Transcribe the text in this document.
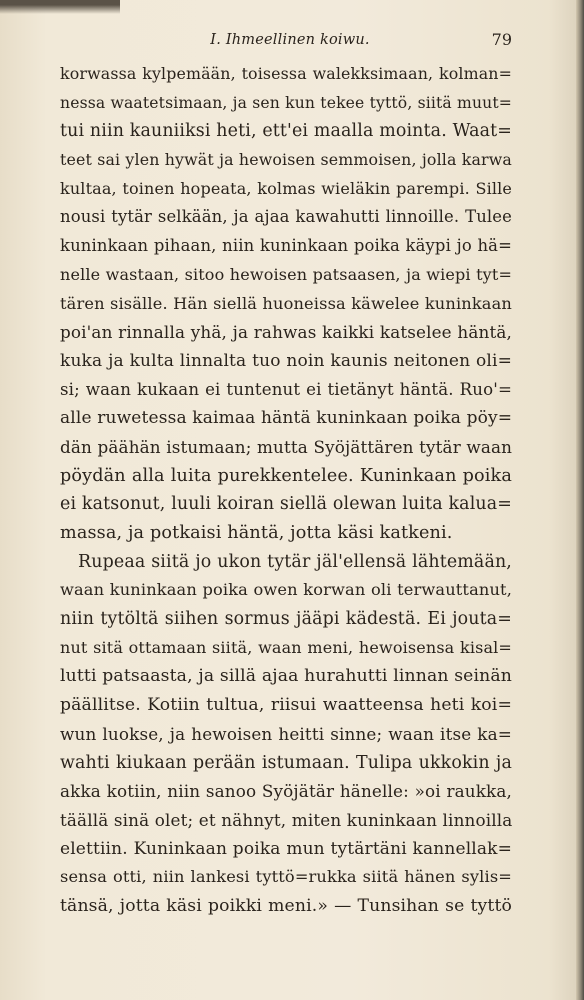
I. Ihmeellinen koiwu.	79
korwassa kylpemään, toisessa walekksimaan, kolman=
nessa waatetsimaan, ja sen kun tekee tyttö, siitä muut=
tui niin kauniiksi heti, ett'ei maalla mointa. Waat=
teet sai ylen hywät ja hewoisen semmoisen, jolla karwa
kultaa, toinen hopeata, kolmas wieläkin parempi. Sille
nousi tytär selkään, ja ajaa kawahutti linnoille. Tulee
kuninkaan pihaan, niin kuninkaan poika käypi jo hä=
nelle wastaan, sitoo hewoisen patsaasen, ja wiepi tyt=
tären sisälle. Hän siellä huoneissa käwelee kuninkaan
poi'an rinnalla yhä, ja rahwas kaikki katselee häntä,
kuka ja kulta linnalta tuo noin kaunis neitonen oli=
si; waan kukaan ei tuntenut ei tietänyt häntä. Ruo'=
alle ruwetessa kaimaa häntä kuninkaan poika pöy=
dän päähän istumaan; mutta Syöjättären tytär waan
pöydän alla luita purekkentelee. Kuninkaan poika
ei katsonut, luuli koiran siellä olewan luita kalua=
massa, ja potkaisi häntä, jotta käsi katkeni.
Rupeaa siitä jo ukon tytär jäl'ellensä lähtemään,
waan kuninkaan poika owen korwan oli terwauttanut,
niin tytöltä siihen sormus jääpi kädestä. Ei jouta=
nut sitä ottamaan siitä, waan meni, hewoisensa kisal=
lutti patsaasta, ja sillä ajaa hurahutti linnan seinän
päällitse. Kotiin tultua, riisui waatteensa heti koi=
wun luokse, ja hewoisen heitti sinne; waan itse ka=
wahti kiukaan perään istumaan. Tulipa ukkokin ja
akka kotiin, niin sanoo Syöjätär hänelle: »oi raukka,
täällä sinä olet; et nähnyt, miten kuninkaan linnoilla
elettiin. Kuninkaan poika mun tytärtäni kannellak=
sensa otti, niin lankesi tyttö=rukka siitä hänen sylis=
tänsä, jotta käsi poikki meni.» — Tunsihan se tyttö
